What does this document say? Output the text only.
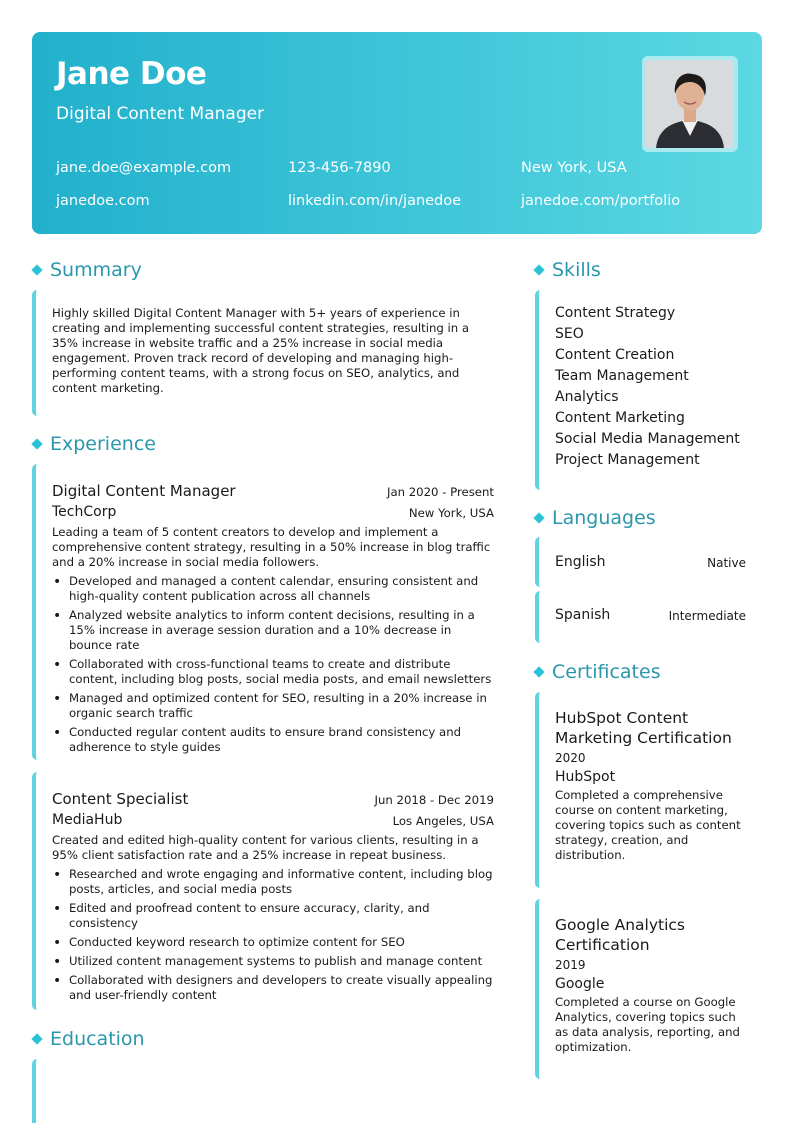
Jane Doe
Digital Content Manager
jane.doe@example.com	123-456-7890	New York, USA
janedoe.com	linkedin.com/in/janedoe	janedoe.com/portfolio
Summary
Highly skilled Digital Content Manager with 5+ years of experience in creating and implementing successful content strategies, resulting in a 35% increase in website traffic and a 25% increase in social media engagement. Proven track record of developing and managing high-performing content teams, with a strong focus on SEO, analytics, and content marketing.
Experience
Digital Content Manager	Jan 2020 - Present
TechCorp	New York, USA
Leading a team of 5 content creators to develop and implement a comprehensive content strategy, resulting in a 50% increase in blog traffic and a 20% increase in social media followers.
• Developed and managed a content calendar, ensuring consistent and high-quality content publication across all channels
• Analyzed website analytics to inform content decisions, resulting in a 15% increase in average session duration and a 10% decrease in bounce rate
• Collaborated with cross-functional teams to create and distribute content, including blog posts, social media posts, and email newsletters
• Managed and optimized content for SEO, resulting in a 20% increase in organic search traffic
• Conducted regular content audits to ensure brand consistency and adherence to style guides
Content Specialist	Jun 2018 - Dec 2019
MediaHub	Los Angeles, USA
Created and edited high-quality content for various clients, resulting in a 95% client satisfaction rate and a 25% increase in repeat business.
• Researched and wrote engaging and informative content, including blog posts, articles, and social media posts
• Edited and proofread content to ensure accuracy, clarity, and consistency
• Conducted keyword research to optimize content for SEO
• Utilized content management systems to publish and manage content
• Collaborated with designers and developers to create visually appealing and user-friendly content
Education
Skills
Content Strategy
SEO
Content Creation
Team Management
Analytics
Content Marketing
Social Media Management
Project Management
Languages
English	Native
Spanish	Intermediate
Certificates
HubSpot Content Marketing Certification
2020
HubSpot
Completed a comprehensive course on content marketing, covering topics such as content strategy, creation, and distribution.
Google Analytics Certification
2019
Google
Completed a course on Google Analytics, covering topics such as data analysis, reporting, and optimization.
